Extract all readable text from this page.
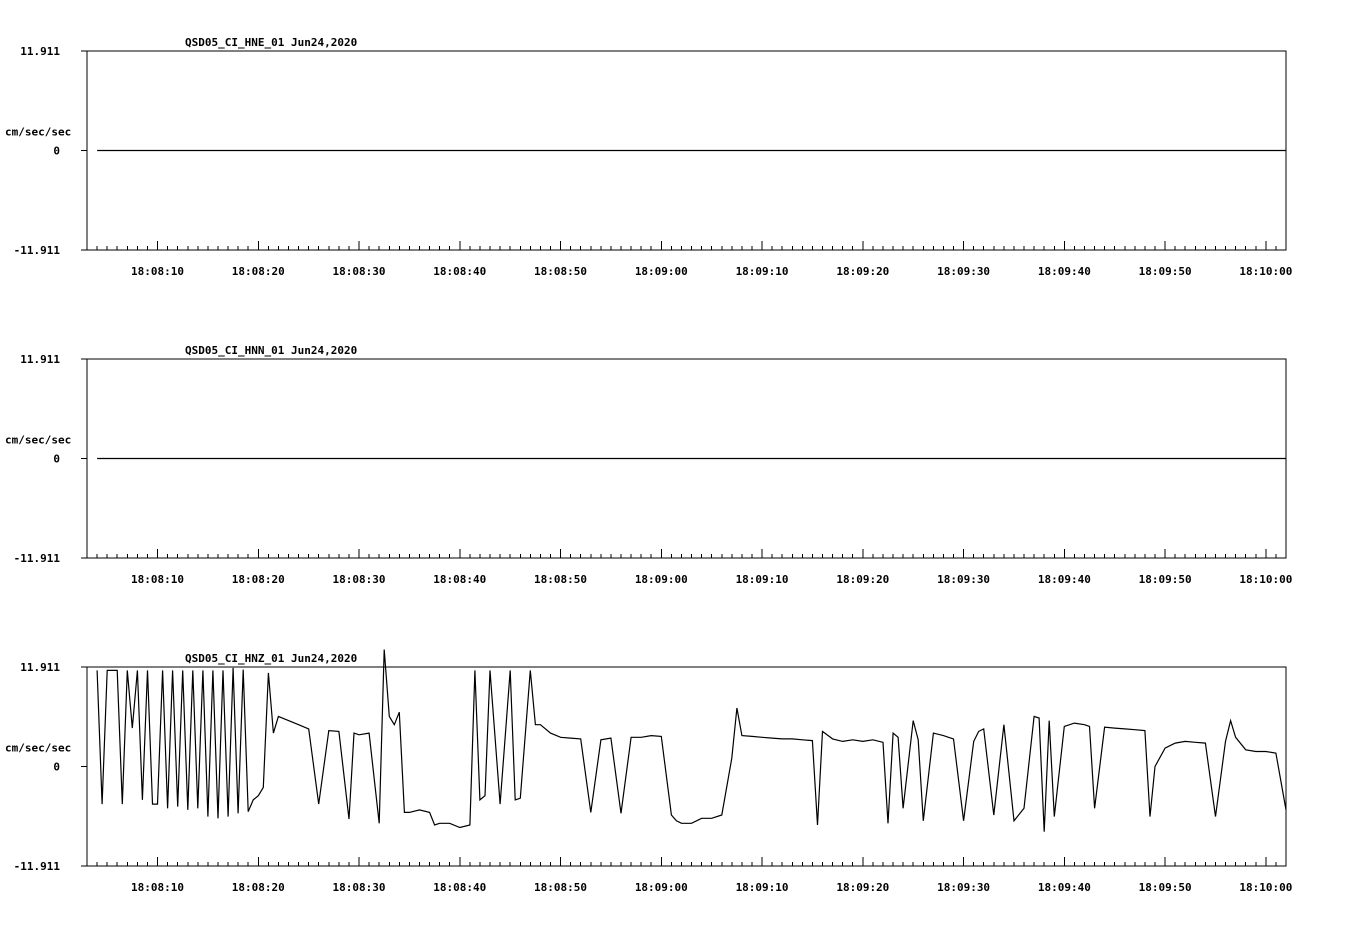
QSD05_CI_HNE_01 Jun24,2020
11.911
0
-11.911
cm/sec/sec
18:08:10	18:08:20	18:08:30	18:08:40	18:08:50	18:09:00	18:09:10	18:09:20	18:09:30	18:09:40	18:09:50	18:10:00
QSD05_CI_HNN_01 Jun24,2020
11.911
0
-11.911
cm/sec/sec
18:08:10	18:08:20	18:08:30	18:08:40	18:08:50	18:09:00	18:09:10	18:09:20	18:09:30	18:09:40	18:09:50	18:10:00
QSD05_CI_HNZ_01 Jun24,2020
11.911
0
-11.911
cm/sec/sec
18:08:10	18:08:20	18:08:30	18:08:40	18:08:50	18:09:00	18:09:10	18:09:20	18:09:30	18:09:40	18:09:50	18:10:00
